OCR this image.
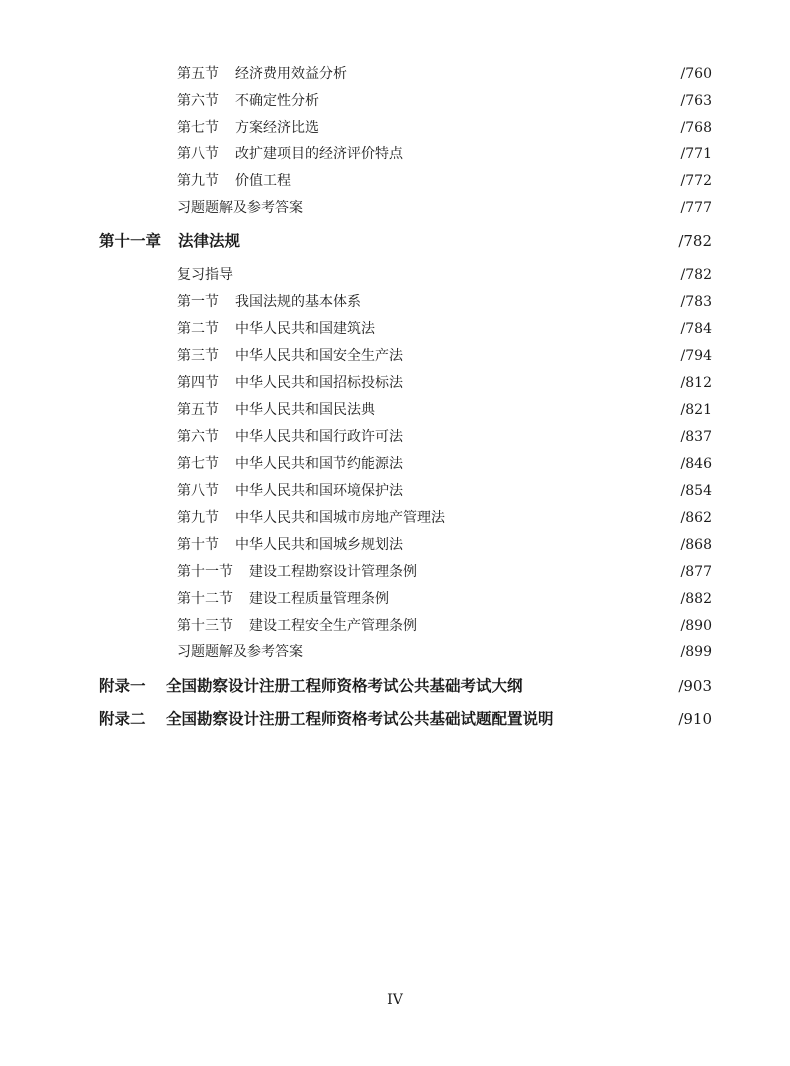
第五节 经济费用效益分析	/760
第六节 不确定性分析	/763
第七节 方案经济比选	/768
第八节 改扩建项目的经济评价特点	/771
第九节 价值工程	/772
习题题解及参考答案	/777
第十一章 法律法规	/782
复习指导	/782
第一节 我国法规的基本体系	/783
第二节 中华人民共和国建筑法	/784
第三节 中华人民共和国安全生产法	/794
第四节 中华人民共和国招标投标法	/812
第五节 中华人民共和国民法典	/821
第六节 中华人民共和国行政许可法	/837
第七节 中华人民共和国节约能源法	/846
第八节 中华人民共和国环境保护法	/854
第九节 中华人民共和国城市房地产管理法	/862
第十节 中华人民共和国城乡规划法	/868
第十一节 建设工程勘察设计管理条例	/877
第十二节 建设工程质量管理条例	/882
第十三节 建设工程安全生产管理条例	/890
习题题解及参考答案	/899
附录一 全国勘察设计注册工程师资格考试公共基础考试大纲	/903
附录二 全国勘察设计注册工程师资格考试公共基础试题配置说明	/910
IV
